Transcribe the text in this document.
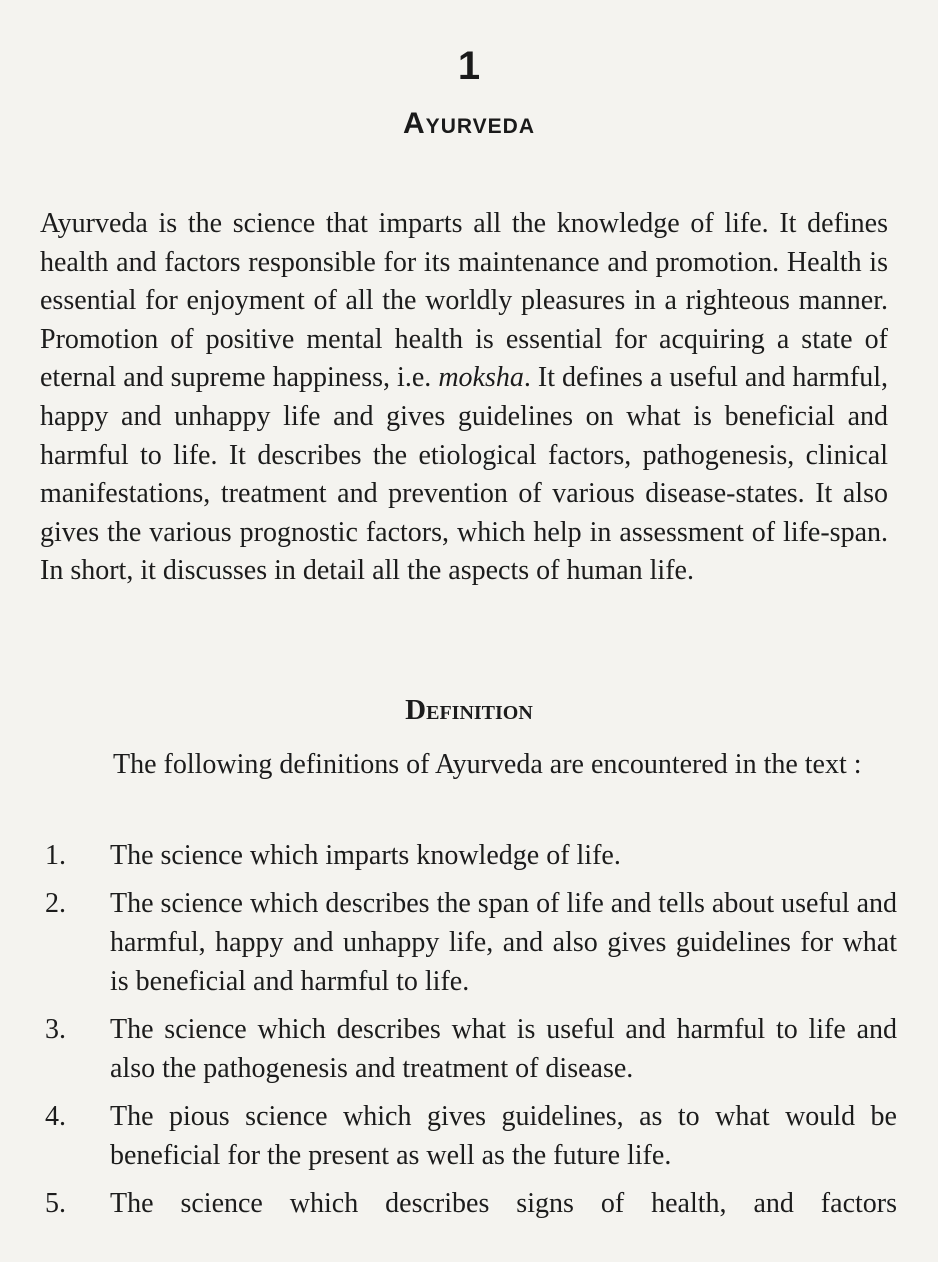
1
Ayurveda

Ayurveda is the science that imparts all the knowledge of life. It defines health and factors responsible for its maintenance and promotion. Health is essential for enjoyment of all the worldly pleasures in a righteous manner. Promotion of positive mental health is essential for acquiring a state of eternal and supreme happiness, i.e. moksha. It defines a useful and harmful, happy and unhappy life and gives guidelines on what is beneficial and harmful to life. It describes the etiological factors, pathogenesis, clinical manifestations, treatment and prevention of various disease-states. It also gives the various prognostic factors, which help in assessment of life-span. In short, it discusses in detail all the aspects of human life.

Definition

The following definitions of Ayurveda are encountered in the text :

1. The science which imparts knowledge of life.
2. The science which describes the span of life and tells about useful and harmful, happy and unhappy life, and also gives guidelines for what is beneficial and harmful to life.
3. The science which describes what is useful and harmful to life and also the pathogenesis and treatment of disease.
4. The pious science which gives guidelines, as to what would be beneficial for the present as well as the future life.
5. The science which describes signs of health, and factors
